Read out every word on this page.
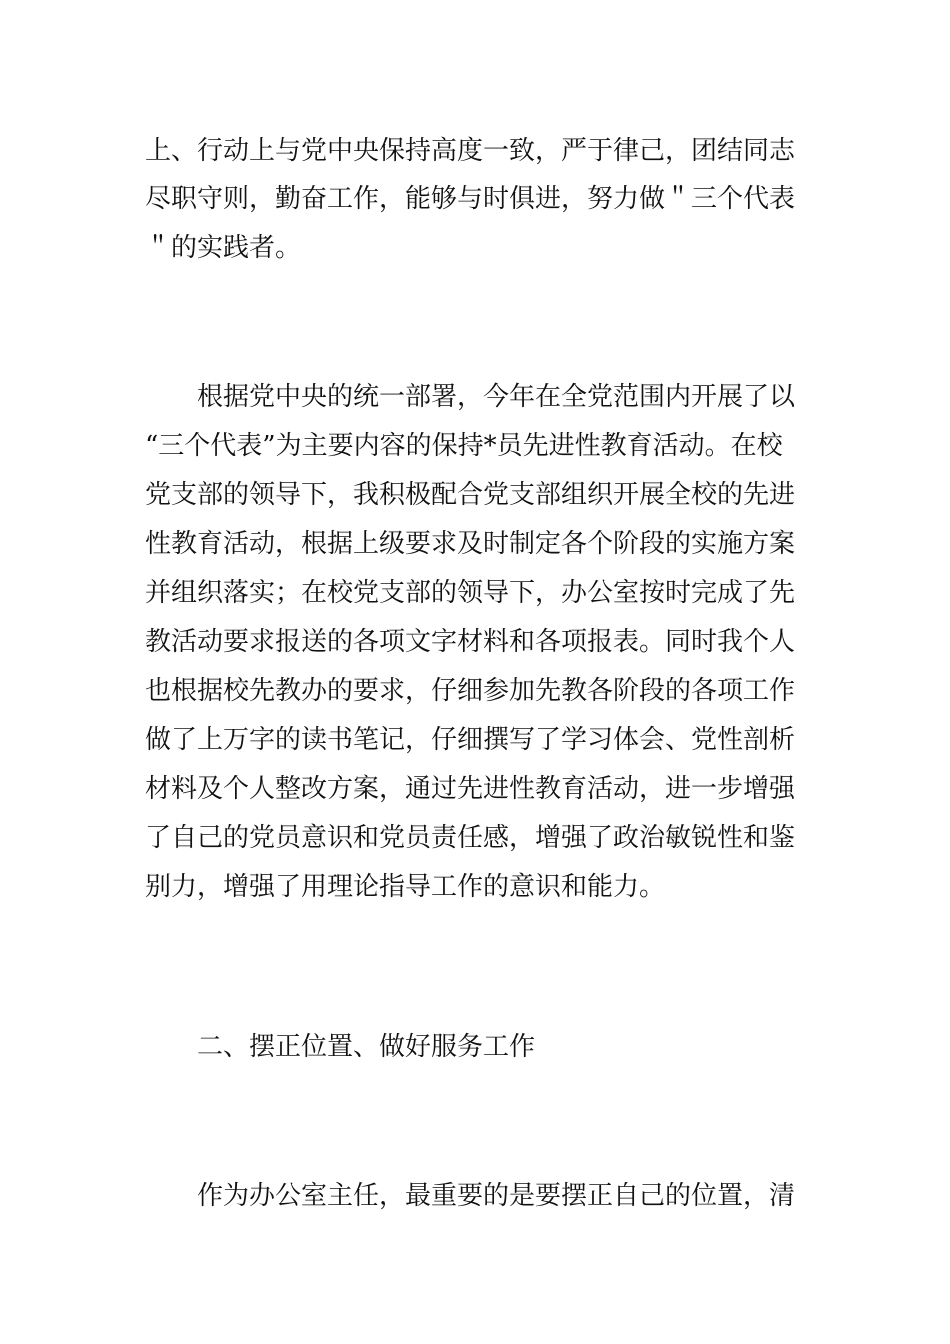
上、行动上与党中央保持高度一致，严于律己，团结同志
尽职守则，勤奋工作，能够与时俱进，努力做＂三个代表
＂的实践者。
根据党中央的统一部署，今年在全党范围内开展了以
“三个代表”为主要内容的保持*员先进性教育活动。在校
党支部的领导下，我积极配合党支部组织开展全校的先进
性教育活动，根据上级要求及时制定各个阶段的实施方案
并组织落实；在校党支部的领导下，办公室按时完成了先
教活动要求报送的各项文字材料和各项报表。同时我个人
也根据校先教办的要求，仔细参加先教各阶段的各项工作
做了上万字的读书笔记，仔细撰写了学习体会、党性剖析
材料及个人整改方案，通过先进性教育活动，进一步增强
了自己的党员意识和党员责任感，增强了政治敏锐性和鉴
别力，增强了用理论指导工作的意识和能力。
二、摆正位置、做好服务工作
作为办公室主任，最重要的是要摆正自己的位置，清
